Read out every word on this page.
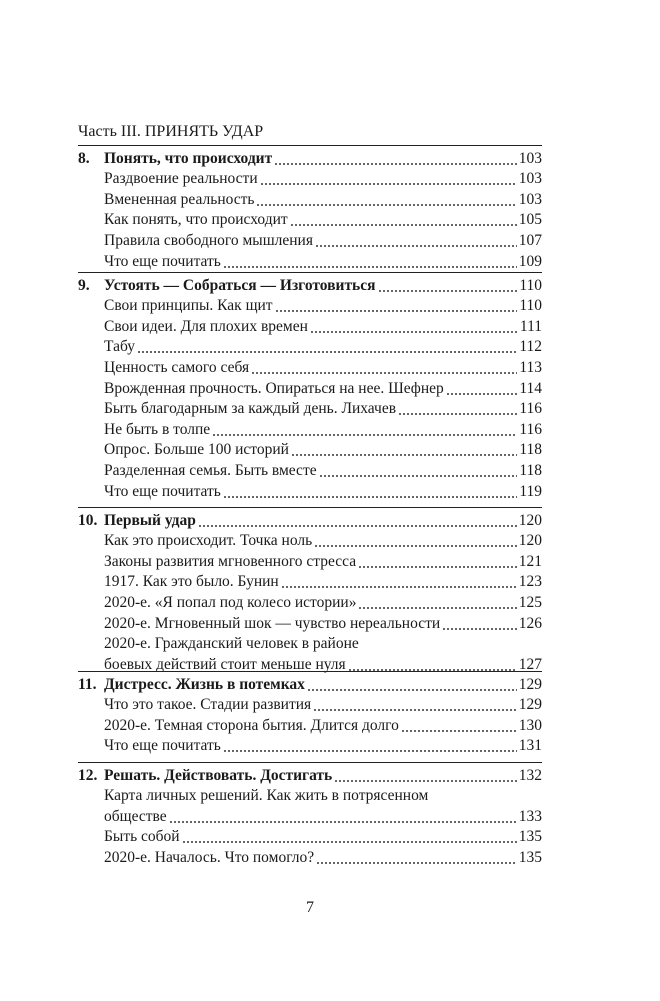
Часть III. ПРИНЯТЬ УДАР
8. Понять, что происходит	103
Раздвоение реальности	103
Вмененная реальность	103
Как понять, что происходит	105
Правила свободного мышления	107
Что еще почитать	109
9. Устоять — Собраться — Изготовиться	110
Свои принципы. Как щит	110
Свои идеи. Для плохих времен	111
Табу	112
Ценность самого себя	113
Врожденная прочность. Опираться на нее. Шефнер	114
Быть благодарным за каждый день. Лихачев	116
Не быть в толпе	116
Опрос. Больше 100 историй	118
Разделенная семья. Быть вместе	118
Что еще почитать	119
10. Первый удар	120
Как это происходит. Точка ноль	120
Законы развития мгновенного стресса	121
1917. Как это было. Бунин	123
2020-е. «Я попал под колесо истории»	125
2020-е. Мгновенный шок — чувство нереальности	126
2020-е. Гражданский человек в районе
боевых действий стоит меньше нуля	127
11. Дистресс. Жизнь в потемках	129
Что это такое. Стадии развития	129
2020-е. Темная сторона бытия. Длится долго	130
Что еще почитать	131
12. Решать. Действовать. Достигать	132
Карта личных решений. Как жить в потрясенном
обществе	133
Быть собой	135
2020-е. Началось. Что помогло?	135
7
